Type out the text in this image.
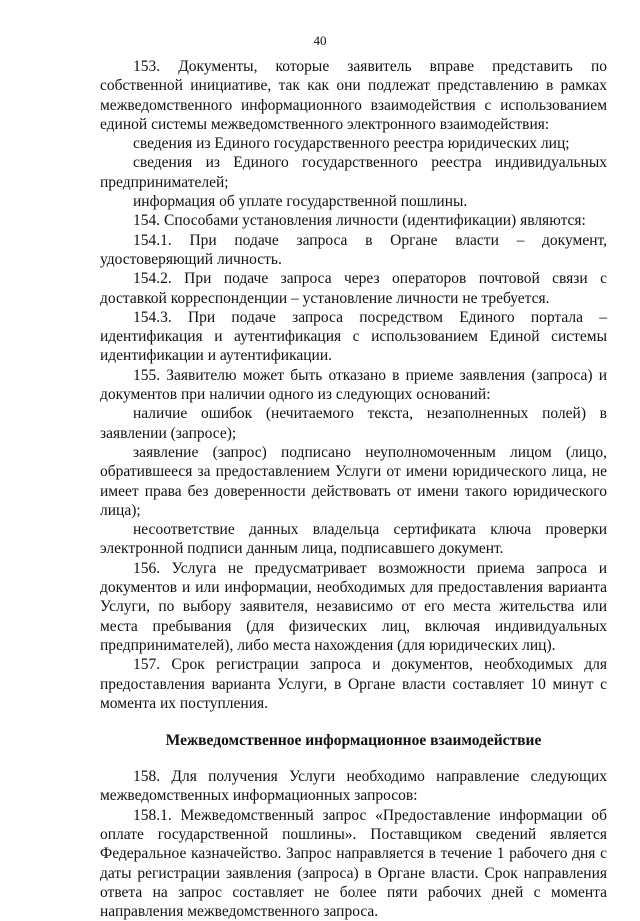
40

153. Документы, которые заявитель вправе представить по собственной инициативе, так как они подлежат представлению в рамках межведомственного информационного взаимодействия с использованием единой системы межведомственного электронного взаимодействия:

сведения из Единого государственного реестра юридических лиц;

сведения из Единого государственного реестра индивидуальных предпринимателей;

информация об уплате государственной пошлины.

154. Способами установления личности (идентификации) являются:

154.1. При подаче запроса в Органе власти – документ, удостоверяющий личность.

154.2. При подаче запроса через операторов почтовой связи с доставкой корреспонденции – установление личности не требуется.

154.3. При подаче запроса посредством Единого портала – идентификация и аутентификация с использованием Единой системы идентификации и аутентификации.

155. Заявителю может быть отказано в приеме заявления (запроса) и документов при наличии одного из следующих оснований:

наличие ошибок (нечитаемого текста, незаполненных полей) в заявлении (запросе);

заявление (запрос) подписано неуполномоченным лицом (лицо, обратившееся за предоставлением Услуги от имени юридического лица, не имеет права без доверенности действовать от имени такого юридического лица);

несоответствие данных владельца сертификата ключа проверки электронной подписи данным лица, подписавшего документ.

156. Услуга не предусматривает возможности приема запроса и документов и или информации, необходимых для предоставления варианта Услуги, по выбору заявителя, независимо от его места жительства или места пребывания (для физических лиц, включая индивидуальных предпринимателей), либо места нахождения (для юридических лиц).

157. Срок регистрации запроса и документов, необходимых для предоставления варианта Услуги, в Органе власти составляет 10 минут с момента их поступления.

Межведомственное информационное взаимодействие

158. Для получения Услуги необходимо направление следующих межведомственных информационных запросов:

158.1. Межведомственный запрос «Предоставление информации об оплате государственной пошлины». Поставщиком сведений является Федеральное казначейство. Запрос направляется в течение 1 рабочего дня с даты регистрации заявления (запроса) в Органе власти. Срок направления ответа на запрос составляет не более пяти рабочих дней с момента направления межведомственного запроса.
